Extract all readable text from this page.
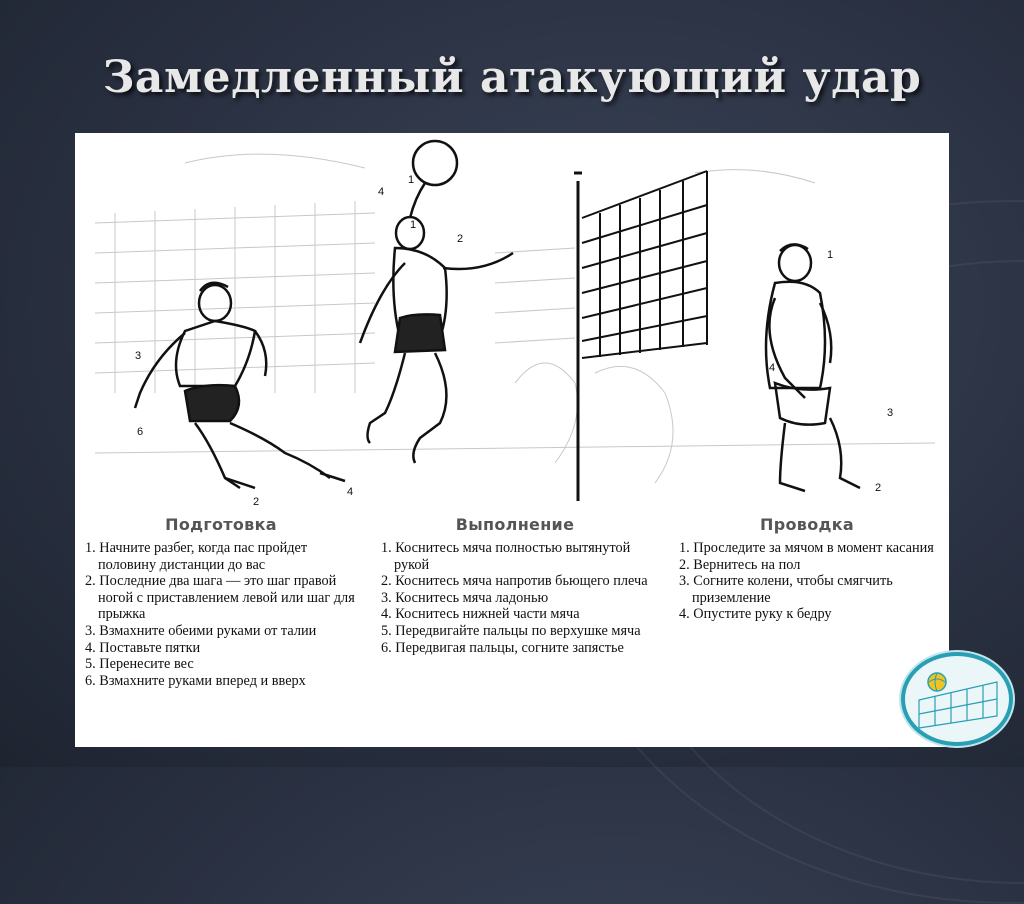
Замедленный атакующий удар
3
6
2
4
4
1
1
2
1
4
3
2
Подготовка
1. Начните разбег, когда пас пройдет половину дистанции до вас
2. Последние два шага — это шаг правой ногой с приставлением левой или шаг для прыжка
3. Взмахните обеими руками от талии
4. Поставьте пятки
5. Перенесите вес
6. Взмахните руками вперед и вверх
Выполнение
1. Коснитесь мяча полностью вытянутой рукой
2. Коснитесь мяча напротив бьющего плеча
3. Коснитесь мяча ладонью
4. Коснитесь нижней части мяча
5. Передвигайте пальцы по верхушке мяча
6. Передвигая пальцы, согните запястье
Проводка
1. Проследите за мячом в момент касания
2. Вернитесь на пол
3. Согните колени, чтобы смягчить приземление
4. Опустите руку к бедру
